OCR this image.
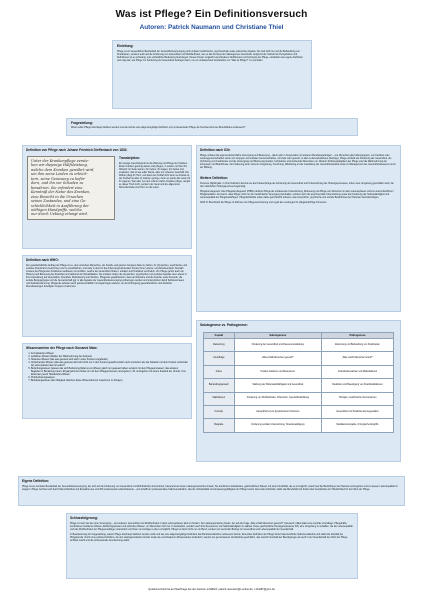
Was ist Pflege? Ein Definitionsversuch
Autoren: Patrick Naumann und Christiane Thiel
Einleitung:

Pflege ist ein wesentlicher Bestandteil der Gesundheitsversorgung und umfasst medizinische, psychosoziale sowie präventive Aspekte. Sie zielt nicht nur auf die Behandlung von Krankheiten, sondern auch auf die Förderung von Gesundheit und Wohlbefinden, wie es das Konzept der Salutogenese beschreibt. Aufgrund der Vielzahl an Perspektiven und Definitionen ist es schwierig, eine einheitliche Bedeutung festzulegen. Dieses Poster vergleicht verschiedene Definitionen und Konzepte der Pflege, entwickelt eine eigene Definition und zeigt auf, wie Pflege zur Förderung der Gesundheit beitragen kann, um ein umfassendes Verständnis von "Was ist Pflege?" zu vermitteln.

Fragestellung:
Wieso sollte Pflege überhaupt definiert werden und wie könnte eine allgemeingültige Definition von professioneller Pflege die Kernbereiche des Berufsbildes verbessern?
Definition von Pflege nach Johann Friedrich Dieffenbach von 1832:
Unter der Krankenpflege verste-
hen wir diejenige Hülfsleistung,
welche dem Kranken gewährt wird,
um ihm seine Leiden zu erleich-
tern, seine Genesung zu beför-
dern, und ihn vor Schaden zu
bewahren. Sie erfordert eine
Kenntniß der Natur des Kranken,
eine Einsicht in die Ursachen
seines Zustandes, und eine Ge-
schicklichkeit in Ausführung der
nöthigen Handgriffe, welche
nur durch Uebung erlangt wird.
Transkription:
Ein wenige Gesichtspunkt ist die Wartung und Pflege der Kranken. Einen Kranken gehörig warten und pflegen, in Leiden und Not ihm hilfreich zur Seite stehen, ihn heben, ihn tragen, ihn betten und erquicken, das ist wie edler Dienst, aber ein schwerer Geschäft. Die Wärter pflegt ihr Herz, und kann den Schlaf nicht wenn es kranke ist, der Freiheit ist aber im Ganzen geringe, denn so wurde das Leiter für ihr eigenes. Wer aber von den Lohnen wahre Kranken pflege, da gibt es dieser Trieb nicht, sondern der Geist und die allgemeine Menschenliebe sind Herr vor die Leiter.
Definition nach ICN:
Pflege umfasst die eigenverantwortliche Versorgung und Betreuung – allein oder in Kooperation mit anderen Berufsangehörigen – von Menschen aller Altersgruppen, von Familien oder Lebensgemeinschaften sowie von Gruppen und sozialen Gemeinschaften, ob krank oder gesund, in allen Lebenssituationen (Settings). Pflege schließt die Förderung der Gesundheit, die Verhütung von Krankheiten und die Versorgung und Betreuung kranker, behinderter und sterbender Menschen ein. Weitere Schlüsselaufgaben der Pflege sind die Wahrnehmung der Interessen und Bedürfnisse, die Förderung einer sicheren Umgebung, Forschung, Mitwirkung an der Gestaltung der Gesundheitspolitik sowie im Management des Gesundheitswesens und in der Bildung.
Weitere Definition:

Florence Nightingale: In ihrer Definition betonte sie die Krankenpflege als Förderung der Gesundheit und Unterstützung des Heilungsprozesses, indem eine Umgebung geschaffen wird, die den natürlichen Heilungsprozess begünstigt.

Pflegeberufegesetz: Das Pflegeberufegesetz (PflBG) definiert Pflege als umfassende Unterstützung, Betreuung und Pflege von Menschen in allen Lebensphasen und bei unterschiedlichen Pflegebedarfen. Es betont, dass Pflege nicht nur die medizinische Versorgung beinhaltet, sondern auch die psychosoziale Unterstützung sowie die Förderung der Selbstständigkeit und Lebensqualität der Pflegebedürftigen. Pflegefachkräfte sollen dabei ganzheitlich arbeiten, also körperliche, psychische und soziale Bedürfnisse der Patienten berücksichtigen.

SGB XI: Beschreibt die Pflege im Rahmen der Pflegeversicherung und regelt die Leistungen für pflegebedürftige Personen.

Definition nach WHO:
Der gesellschaftliche Auftrag der Pflege ist es, dem einzelnen Menschen, der Familie und ganzen Gruppen dabei zu helfen, ihr physisches, psychisches und soziales Potenzial zu bestimmen und zu verwirklichen, und zwar in dem für die Arbeit anspruchsvollen Kontext ihrer Lebens- und Arbeitsumwelt. Deshalb müssen die Pflegenden Funktionen aufbauen und erfüllen, welche die Gesundheit fördern, erhalten und Krankheit verhindern. Zur Pflege gehört auch die Planung und Betreuung bei Krankheit und während der Rehabilitation. Sie umfasst zudem die physischen, psychischen und sozialen Aspekte des Lebens in ihrer Auswirkung auf Gesundheit, Krankheit, Behinderung und Sterben. Pflegende gewährleisten, dass der Einzelne und die Familie, seine Freunde, die soziale Bezugsgruppe und die Gemeinschaft ggf. in alle Aspekte der Gesundheitsversorgung einbezogen werden und unterstützen damit Selbstvertrauen und Selbstbestimmung. Pflegende arbeiten auch partnerschaftlich mit Angehörigen anderer, an der Erbringung gesundheitlicher und ähnlicher Dienstleistungen beteiligter Gruppen zusammen.
Salutogenese vs. Pathogenese:
Aspekt	Salutogenese	Pathogenese
Zielsetzung	Förderung der Gesundheit und Ressourcenstärkung	Erkennung und Behandlung von Krankheiten
Grundfrage	„Was erhält Menschen gesund?“	„Was macht Menschen krank?“
Fokus	Positive Faktoren und Ressourcen	Krankheitsursachen und Risikofaktoren
Behandlungsansatz	Stärkung der Widerstandsfähigkeit und Gesundheit	Reduktion und Beseitigung von Krankheitsfaktoren
Maßnahmen	Förderung von Wohlbefinden, Prävention, Gesundheitsbildung	Therapie, medizinische Interventionen
Konzept	Gesundheit ist ein dynamisches Kontinuum	Gesundheit und Krankheit als Gegensätze
Beispiele	Förderung sozialer Unterstützung, Stressbewältigung	Medikamentengabe, chirurgische Eingriffe
Wissenswerten der Pflege nach Giovanni Maio:
1. Formalisiertes Wissen
2. Leibliches Wissen (Melder der Wahrnehmung des Körpers)
3. Situiertes Wissen (das was gewusst wird wird in einer Kontext eingebettet)
4. Verstehendes Wissen (das was gewusst wird wird nicht nur in den Kontext gestellt sondern auch verstehen wie die Situation mit dem Kontext verbunden ist) was bedeutet das mit selbst?
5. Beziehungswissen (wissen das sich Beziehung bildet ist ein Wissen gleich nur gewusst haben sondern mit dem Pflegeprozessen; das anderen Begleiten in Beziehung treten; Eingangsformen finden um mit dem Pflegeprozessen umzugehen; z.B. umzugehen mit einem Zustand der Unruhe / bei Erkennen) (auch Handelnden-Wissen
6. Problemlösungswissen
7. Bündelungswissen (die Fähigkeit zwischen diese Wissensformen zusammen zu bringen)
Eigene Definition:
Pflege ist ein zentraler Bestandteil der Gesundheitsversorgung, der sich auf die Förderung von Gesundheit und Wohlbefinden konzentriert, basierend auf einem salutogenetischen Ansatz. Sie kombiniert individuelles, ganzheitliches Wissen mit einer Flexibilität, die es ermöglicht, sowohl auf die Bedürfnisse der Patienten einzugehen und zu dessen Lebensqualität zu steigern. Pflege zeichnet sich durch Menschlichkeit und Empathie aus und trifft professionell evidenzbasierte – und schafft ein professionelles Selbstverständnis, das die Individualität und Anpassungsfähigkeit der Pflege betont. Eine klare Definition stärkt das Berufsbild und fördert das Verständnis der Öffentlichkeit für den Wert der Pflege.
Schlussfolgerung:

Pflege ist mehr als die reine Versorgung – sie bedeutet, Gesundheit und Wohlbefinden in allen Lebensphasen aktiv zu fördern. Der salutogenetische Ansatz, der auf die Frage „Was erhält Menschen gesund?“ fokussiert, bildet dabei eine zentrale Grundlage. Pflegekräfte kombinieren fundiertes Wissen, Erfahrungswissen und ethisches Wissen, um Menschen nicht nur zu behandeln, sondern auch ihre Ressourcen und Selbstständigkeit zu stärken. Diese ganzheitliche Herangehensweise hilft, eine Umgebung zu schaffen, die die Lebensqualität und das Wohlbefinden der Pflegeempfänger unterstützt und ihnen ein würdiges Leben ermöglicht. Pflege ist damit nicht nur ein Beruf, sondern ein wertvoller Beitrag zur Gesundheit und Lebensqualität der Gesellschaft.

In Beantwortung der Fragestellung, warum Pflege überhaupt definiert werden sollte und wie eine allgemeingültige Definition das Berufsverständnis verbessern könnte: Eine klare Definition der Pflege fördert das berufliche Selbstverständnis und stärkt die Identität der Pflegeberufe. Durch eine präzise Definition, die den salutogenetischen Ansatz sowie die verschiedenen Wissensarten einbezieht, werden ein gemeinsames Verständnis geschaffen, das sowohl innerhalb der Berufsgruppe als auch in der Gesellschaft den Wert der Pflege sichtbar macht und die professionelle Anerkennung stärkt.

Quellenverzeichnis auf Nachfrage bei den Autoren erhältlich: patrick.naumann@t-online.de; c.thiel87@gmx.de
